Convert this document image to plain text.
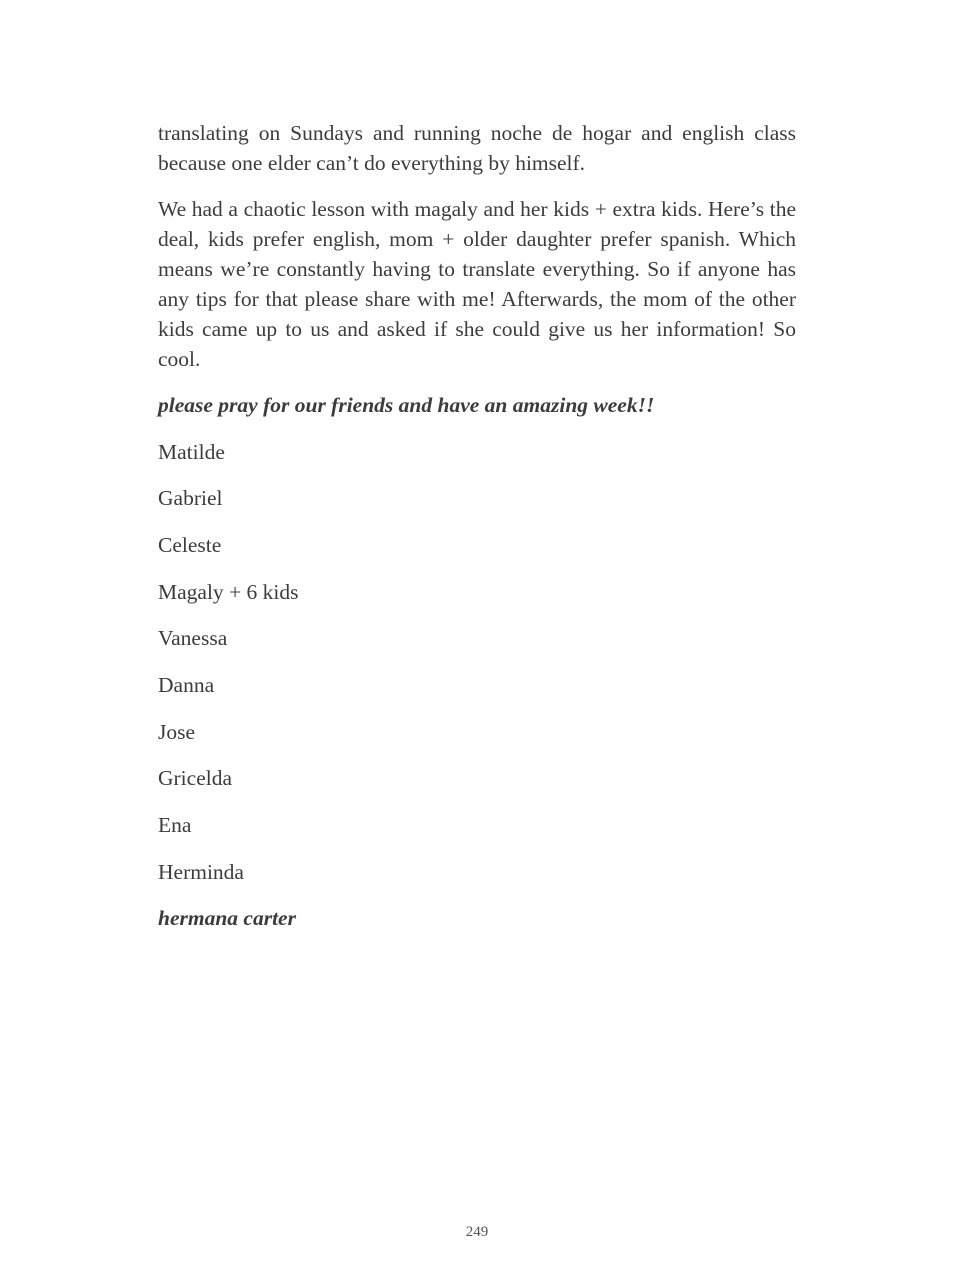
translating on Sundays and running noche de hogar and english class because one elder can’t do everything by himself.

We had a chaotic lesson with magaly and her kids + extra kids. Here’s the deal, kids prefer english, mom + older daughter prefer spanish. Which means we’re constantly having to translate everything. So if anyone has any tips for that please share with me! Afterwards, the mom of the other kids came up to us and asked if she could give us her information! So cool.

please pray for our friends and have an amazing week!!

Matilde
Gabriel
Celeste
Magaly + 6 kids
Vanessa
Danna
Jose
Gricelda
Ena
Herminda

hermana carter

249
